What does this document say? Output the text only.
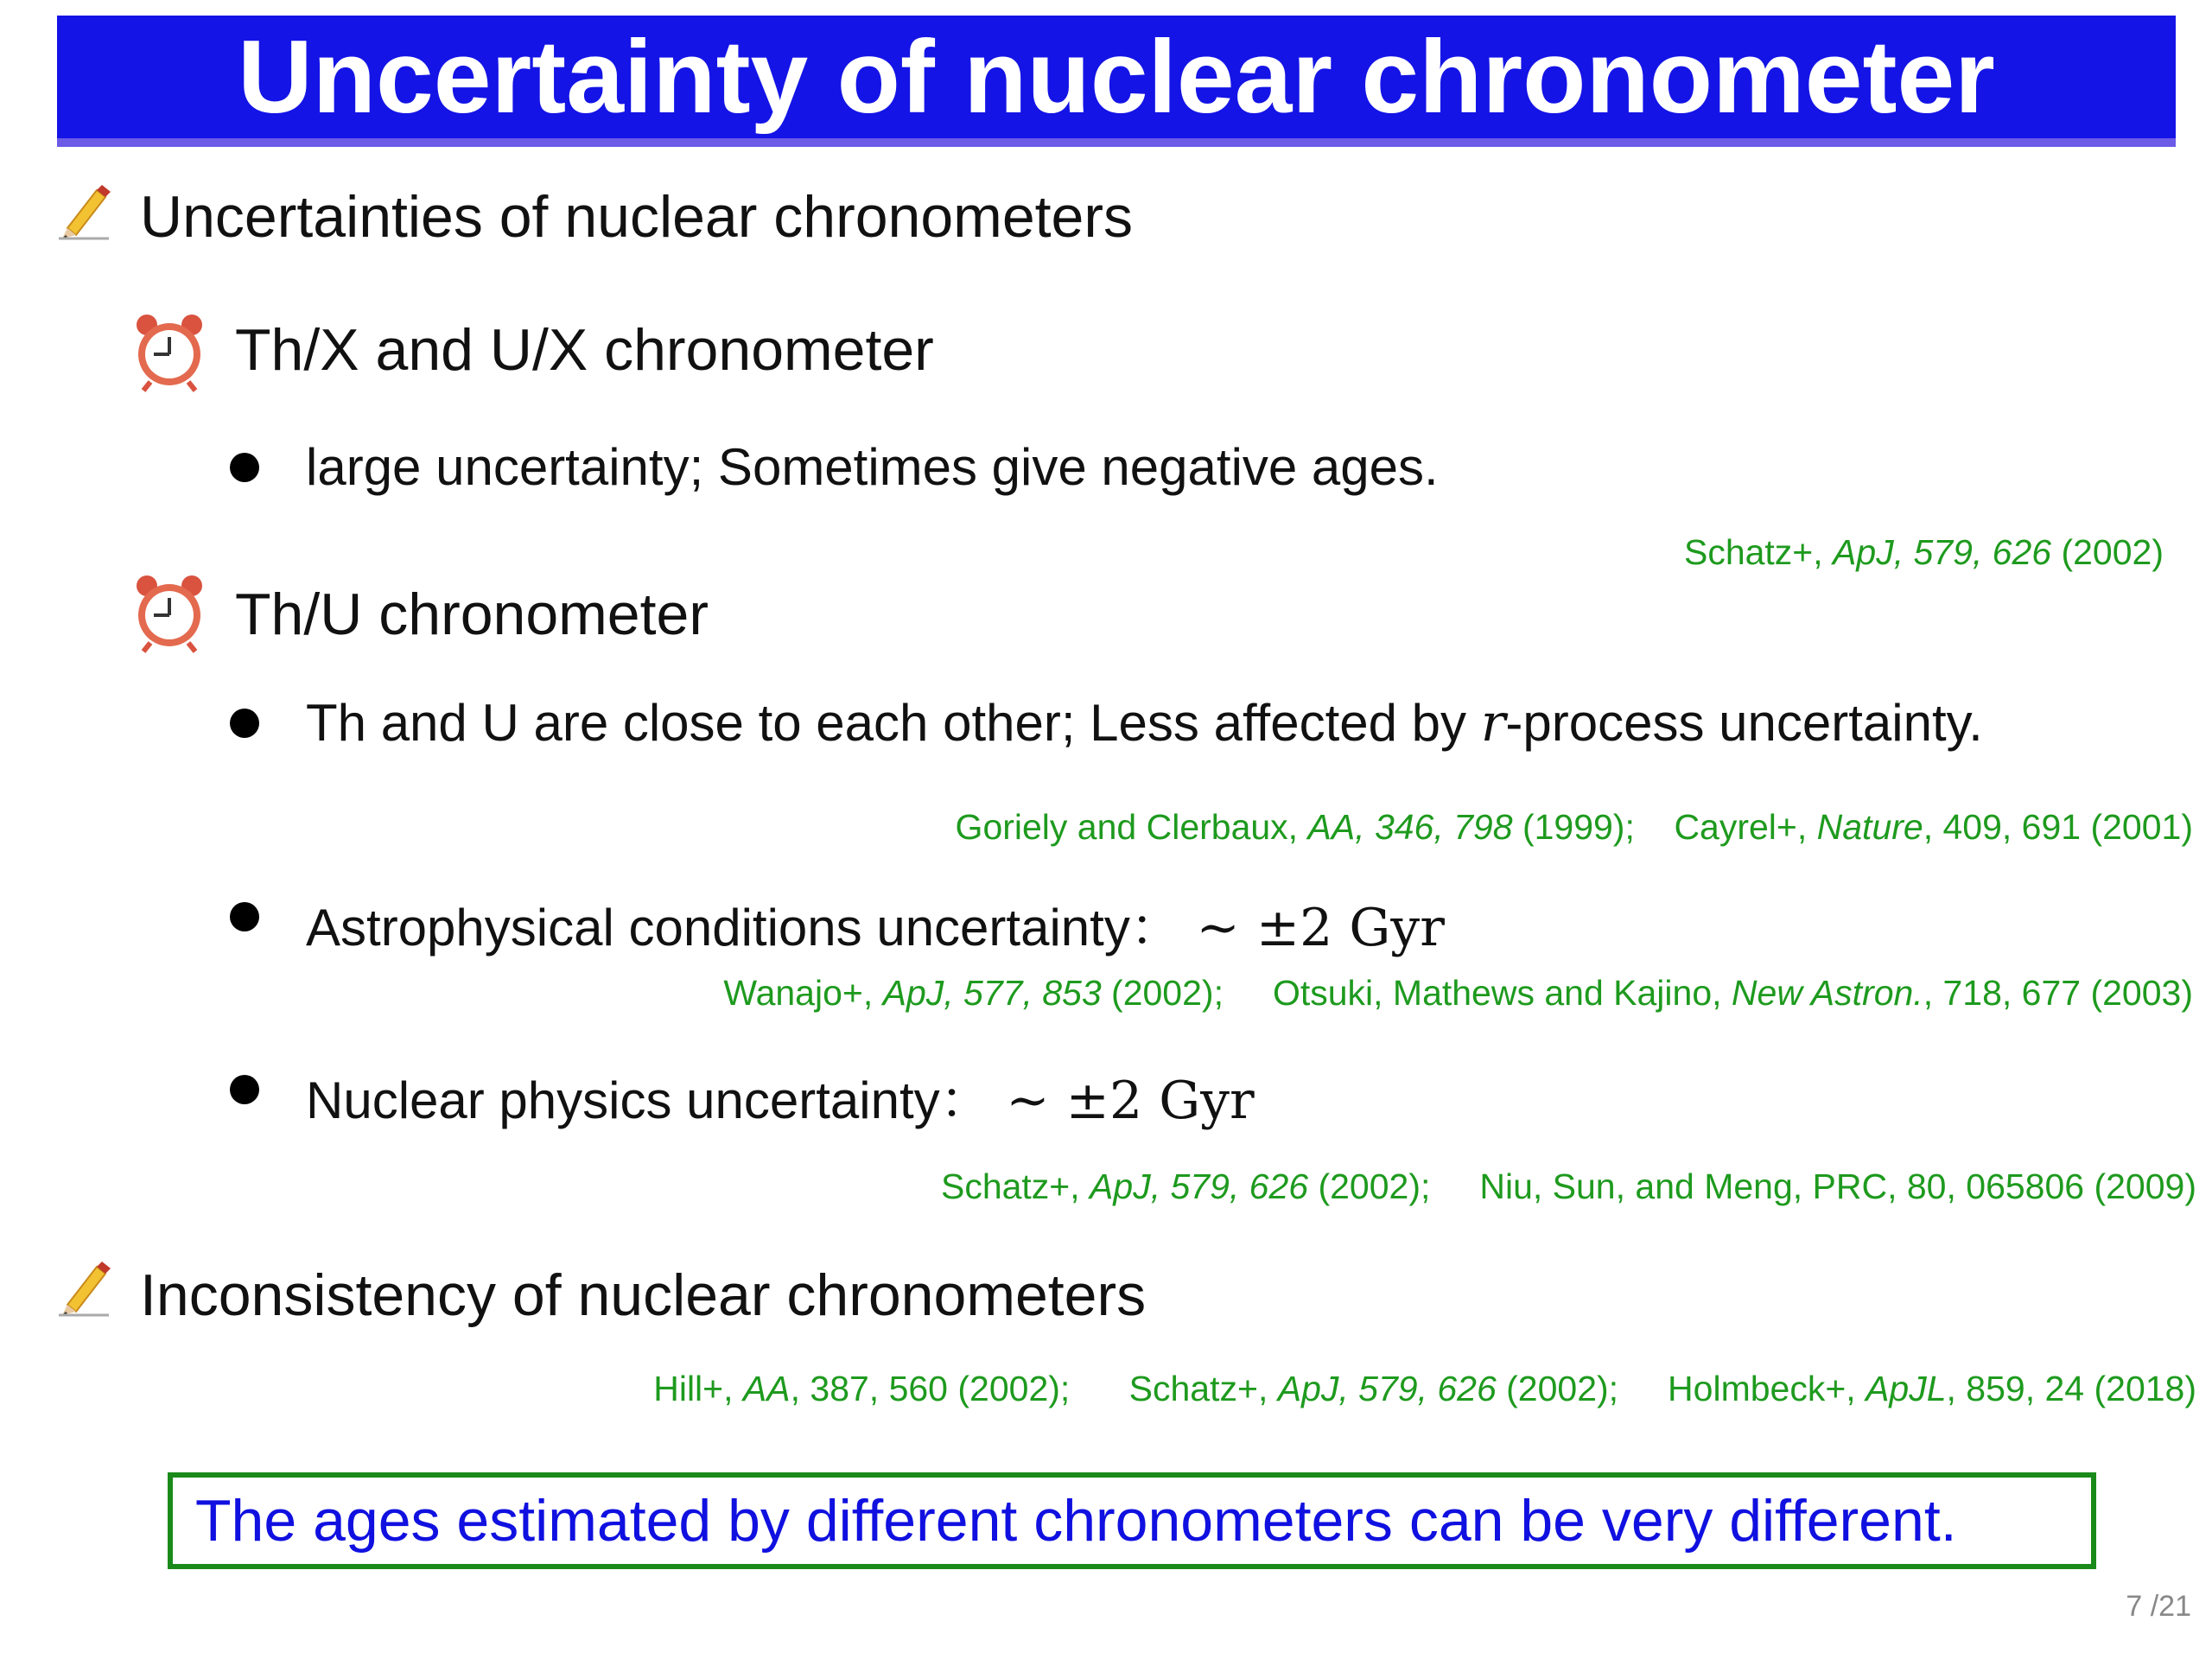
Uncertainty of nuclear chronometer
Uncertainties of nuclear chronometers
Th/X and U/X chronometer
large uncertainty; Sometimes give negative ages.
Schatz+, ApJ, 579, 626 (2002)
Th/U chronometer
Th and U are close to each other; Less affected by r-process uncertainty.
Goriely and Clerbaux, AA, 346, 798 (1999); Cayrel+, Nature, 409, 691 (2001)
Astrophysical conditions uncertainty： ~ ±2 Gyr
Wanajo+, ApJ, 577, 853 (2002); Otsuki, Mathews and Kajino, New Astron., 718, 677 (2003)
Nuclear physics uncertainty： ~ ±2 Gyr
Schatz+, ApJ, 579, 626 (2002); Niu, Sun, and Meng, PRC, 80, 065806 (2009)
Inconsistency of nuclear chronometers
Hill+, AA, 387, 560 (2002); Schatz+, ApJ, 579, 626 (2002); Holmbeck+, ApJL, 859, 24 (2018)
The ages estimated by different chronometers can be very different.
7 /21
